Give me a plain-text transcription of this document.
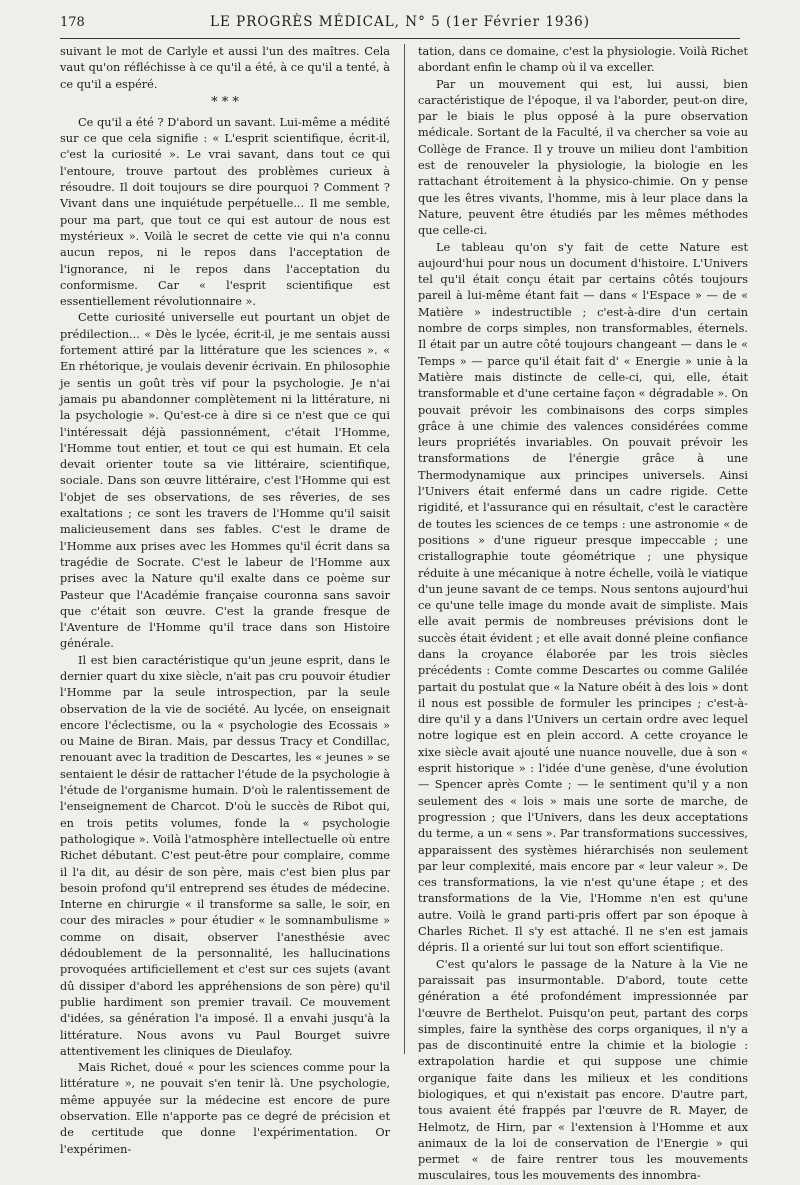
178	LE PROGRÈS MÉDICAL, N° 5 (1er Février 1936)

suivant le mot de Carlyle et aussi l'un des maîtres. Cela vaut qu'on réfléchisse à ce qu'il a été, à ce qu'il a tenté, à ce qu'il a espéré.

* * *

Ce qu'il a été ? D'abord un savant. Lui-même a médité sur ce que cela signifie : « L'esprit scientifique, écrit-il, c'est la curiosité ». Le vrai savant, dans tout ce qui l'entoure, trouve partout des problèmes curieux à résoudre. Il doit toujours se dire pourquoi ? Comment ? Vivant dans une inquiétude perpétuelle... Il me semble, pour ma part, que tout ce qui est autour de nous est mystérieux ». Voilà le secret de cette vie qui n'a connu aucun repos, ni le repos dans l'acceptation de l'ignorance, ni le repos dans l'acceptation du conformisme. Car « l'esprit scientifique est essentiellement révolutionnaire ».

Cette curiosité universelle eut pourtant un objet de prédilection... « Dès le lycée, écrit-il, je me sentais aussi fortement attiré par la littérature que les sciences ». « En rhétorique, je voulais devenir écrivain. En philosophie je sentis un goût très vif pour la psychologie. Je n'ai jamais pu abandonner complètement ni la littérature, ni la psychologie ». Qu'est-ce à dire si ce n'est que ce qui l'intéressait déjà passionnément, c'était l'Homme, l'Homme tout entier, et tout ce qui est humain. Et cela devait orienter toute sa vie littéraire, scientifique, sociale. Dans son œuvre littéraire, c'est l'Homme qui est l'objet de ses observations, de ses rêveries, de ses exaltations ; ce sont les travers de l'Homme qu'il saisit malicieusement dans ses fables. C'est le drame de l'Homme aux prises avec les Hommes qu'il écrit dans sa tragédie de Socrate. C'est le labeur de l'Homme aux prises avec la Nature qu'il exalte dans ce poème sur Pasteur que l'Académie française couronna sans savoir que c'était son œuvre. C'est la grande fresque de l'Aventure de l'Homme qu'il trace dans son Histoire générale.

Il est bien caractéristique qu'un jeune esprit, dans le dernier quart du xixe siècle, n'ait pas cru pouvoir étudier l'Homme par la seule introspection, par la seule observation de la vie de société. Au lycée, on enseignait encore l'éclectisme, ou la « psychologie des Ecossais » ou Maine de Biran. Mais, par dessus Tracy et Condillac, renouant avec la tradition de Descartes, les « jeunes » se sentaient le désir de rattacher l'étude de la psychologie à l'étude de l'organisme humain. D'où le ralentissement de l'enseignement de Charcot. D'où le succès de Ribot qui, en trois petits volumes, fonde la « psychologie pathologique ». Voilà l'atmosphère intellectuelle où entre Richet débutant. C'est peut-être pour complaire, comme il l'a dit, au désir de son père, mais c'est bien plus par besoin profond qu'il entreprend ses études de médecine. Interne en chirurgie « il transforme sa salle, le soir, en cour des miracles » pour étudier « le somnambulisme » comme on disait, observer l'anesthésie avec dédoublement de la personnalité, les hallucinations provoquées artificiellement et c'est sur ces sujets (avant dû dissiper d'abord les appréhensions de son père) qu'il publie hardiment son premier travail. Ce mouvement d'idées, sa génération l'a imposé. Il a envahi jusqu'à la littérature. Nous avons vu Paul Bourget suivre attentivement les cliniques de Dieulafoy.

Mais Richet, doué « pour les sciences comme pour la littérature », ne pouvait s'en tenir là. Une psychologie, même appuyée sur la médecine est encore de pure observation. Elle n'apporte pas ce degré de précision et de certitude que donne l'expérimentation. Or l'expérimen-

tation, dans ce domaine, c'est la physiologie. Voilà Richet abordant enfin le champ où il va exceller.

Par un mouvement qui est, lui aussi, bien caractéristique de l'époque, il va l'aborder, peut-on dire, par le biais le plus opposé à la pure observation médicale. Sortant de la Faculté, il va chercher sa voie au Collège de France. Il y trouve un milieu dont l'ambition est de renouveler la physiologie, la biologie en les rattachant étroitement à la physico-chimie. On y pense que les êtres vivants, l'homme, mis à leur place dans la Nature, peuvent être étudiés par les mêmes méthodes que celle-ci.

Le tableau qu'on s'y fait de cette Nature est aujourd'hui pour nous un document d'histoire. L'Univers tel qu'il était conçu était par certains côtés toujours pareil à lui-même étant fait — dans « l'Espace » — de « Matière » indestructible ; c'est-à-dire d'un certain nombre de corps simples, non transformables, éternels. Il était par un autre côté toujours changeant — dans le « Temps » — parce qu'il était fait d' « Energie » unie à la Matière mais distincte de celle-ci, qui, elle, était transformable et d'une certaine façon « dégradable ». On pouvait prévoir les combinaisons des corps simples grâce à une chimie des valences considérées comme leurs propriétés invariables. On pouvait prévoir les transformations de l'énergie grâce à une Thermodynamique aux principes universels. Ainsi l'Univers était enfermé dans un cadre rigide. Cette rigidité, et l'assurance qui en résultait, c'est le caractère de toutes les sciences de ce temps : une astronomie « de positions » d'une rigueur presque impeccable ; une cristallographie toute géométrique ; une physique réduite à une mécanique à notre échelle, voilà le viatique d'un jeune savant de ce temps. Nous sentons aujourd'hui ce qu'une telle image du monde avait de simpliste. Mais elle avait permis de nombreuses prévisions dont le succès était évident ; et elle avait donné pleine confiance dans la croyance élaborée par les trois siècles précédents : Comte comme Descartes ou comme Galilée partait du postulat que « la Nature obéit à des lois » dont il nous est possible de formuler les principes ; c'est-à-dire qu'il y a dans l'Univers un certain ordre avec lequel notre logique est en plein accord. A cette croyance le xixe siècle avait ajouté une nuance nouvelle, due à son « esprit historique » : l'idée d'une genèse, d'une évolution — Spencer après Comte ; — le sentiment qu'il y a non seulement des « lois » mais une sorte de marche, de progression ; que l'Univers, dans les deux acceptations du terme, a un « sens ». Par transformations successives, apparaissent des systèmes hiérarchisés non seulement par leur complexité, mais encore par « leur valeur ». De ces transformations, la vie n'est qu'une étape ; et des transformations de la Vie, l'Homme n'en est qu'une autre. Voilà le grand parti-pris offert par son époque à Charles Richet. Il s'y est attaché. Il ne s'en est jamais dépris. Il a orienté sur lui tout son effort scientifique.

C'est qu'alors le passage de la Nature à la Vie ne paraissait pas insurmontable. D'abord, toute cette génération a été profondément impressionnée par l'œuvre de Berthelot. Puisqu'on peut, partant des corps simples, faire la synthèse des corps organiques, il n'y a pas de discontinuité entre la chimie et la biologie : extrapolation hardie et qui suppose une chimie organique faite dans les milieux et les conditions biologiques, et qui n'existait pas encore. D'autre part, tous avaient été frappés par l'œuvre de R. Mayer, de Helmotz, de Hirn, par « l'extension à l'Homme et aux animaux de la loi de conservation de l'Energie » qui permet « de faire rentrer tous les mouvements musculaires, tous les mouvements des innombra-
